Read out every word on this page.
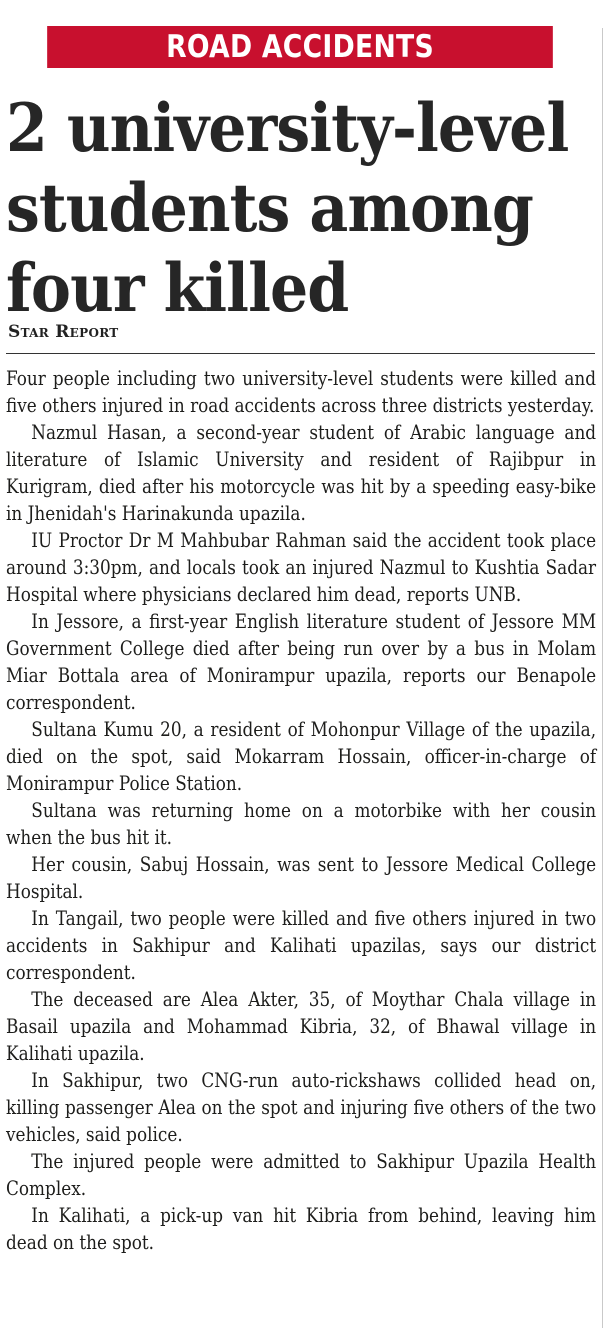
ROAD ACCIDENTS
2 university-level
students among
four killed
Star Report

Four people including two university-level students were killed and five others injured in road accidents across three districts yesterday.

Nazmul Hasan, a second-year student of Arabic language and literature of Islamic University and resident of Rajibpur in Kurigram, died after his motorcycle was hit by a speeding easy-bike in Jhenidah's Harinakunda upazila.

IU Proctor Dr M Mahbubar Rahman said the accident took place around 3:30pm, and locals took an injured Nazmul to Kushtia Sadar Hospital where physicians declared him dead, reports UNB.

In Jessore, a first-year English literature student of Jessore MM Government College died after being run over by a bus in Molam Miar Bottala area of Monirampur upazila, reports our Benapole correspondent.

Sultana Kumu 20, a resident of Mohonpur Village of the upazila, died on the spot, said Mokarram Hossain, officer-in-charge of Monirampur Police Station.

Sultana was returning home on a motorbike with her cousin when the bus hit it.

Her cousin, Sabuj Hossain, was sent to Jessore Medical College Hospital.

In Tangail, two people were killed and five others injured in two accidents in Sakhipur and Kalihati upazilas, says our district correspondent.

The deceased are Alea Akter, 35, of Moythar Chala village in Basail upazila and Mohammad Kibria, 32, of Bhawal village in Kalihati upazila.

In Sakhipur, two CNG-run auto-rickshaws collided head on, killing passenger Alea on the spot and injuring five others of the two vehicles, said police.

The injured people were admitted to Sakhipur Upazila Health Complex.

In Kalihati, a pick-up van hit Kibria from behind, leaving him dead on the spot.
